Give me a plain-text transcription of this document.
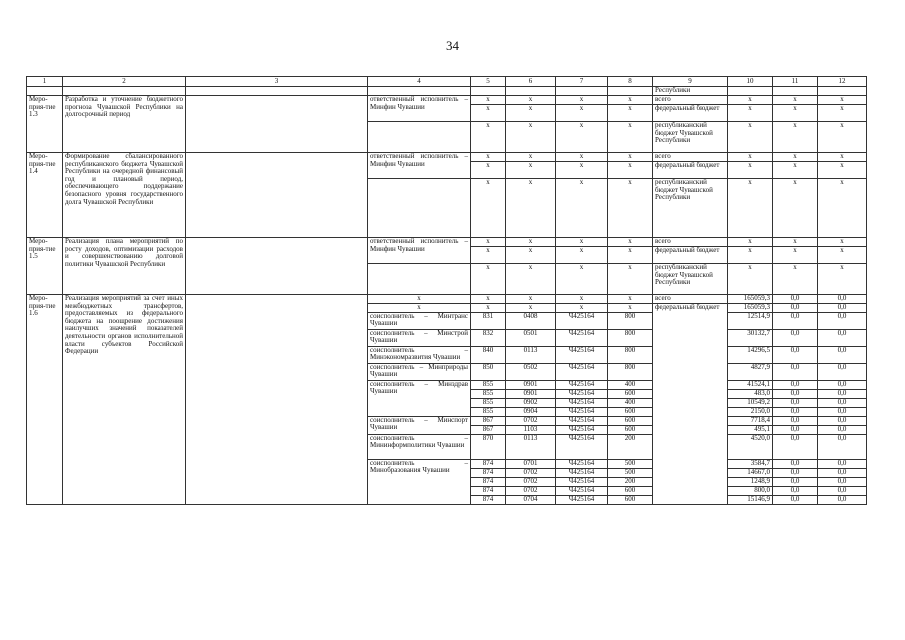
34
1	2	3	4	5	6	7	8	9	10	11	12
								Республики			
Меро-прия-тие 1.3	Разработка и уточнение бюджетного прогноза Чувашской Республики на долгосрочный период		ответственный исполнитель – Минфин Чувашии	x	x	x	x	всего	x	x	x
				x	x	x	x	федеральный бюджет	x	x	x
				x	x	x	x	республиканский бюджет Чувашской Республики	x	x	x
Меро-прия-тие 1.4	Формирование сбалансированного республиканского бюджета Чувашской Республики на очередной финансовый год и плановый период, обеспечивающего поддержание безопасного уровня государственного долга Чувашской Республики		ответственный исполнитель – Минфин Чувашии	x	x	x	x	всего	x	x	x
				x	x	x	x	федеральный бюджет	x	x	x
				x	x	x	x	республиканский бюджет Чувашской Республики	x	x	x
Меро-прия-тие 1.5	Реализация плана мероприятий по росту доходов, оптимизации расходов и совершенствованию долговой политики Чувашской Республики		ответственный исполнитель – Минфин Чувашии	x	x	x	x	всего	x	x	x
				x	x	x	x	федеральный бюджет	x	x	x
				x	x	x	x	республиканский бюджет Чувашской Республики	x	x	x
Меро-прия-тие 1.6	Реализация мероприятий за счет иных межбюджетных трансфертов, предоставляемых из федерального бюджета на поощрение достижения наилучших значений показателей деятельности органов исполнительной власти субъектов Российской Федерации		x	x	x	x	x	всего	165059,3	0,0	0,0
			x	x	x	x	x	федеральный бюджет	165059,3	0,0	0,0
			соисполнитель – Минтранс Чувашии	831	0408	Ч425164	800		12514,9	0,0	0,0
			соисполнитель – Минстрой Чувашии	832	0501	Ч425164	800		30132,7	0,0	0,0
			соисполнитель – Минэкономразвития Чувашии	840	0113	Ч425164	800		14296,5	0,0	0,0
			соисполнитель – Минприроды Чувашии	850	0502	Ч425164	800		4827,9	0,0	0,0
			соисполнитель – Минздрав Чувашии	855	0901	Ч425164	400		41524,1	0,0	0,0
				855	0901	Ч425164	600		483,0	0,0	0,0
				855	0902	Ч425164	400		10549,2	0,0	0,0
				855	0904	Ч425164	600		2150,0	0,0	0,0
			соисполнитель – Минспорт Чувашии	867	0702	Ч425164	600		7718,4	0,0	0,0
				867	1103	Ч425164	600		495,1	0,0	0,0
			соисполнитель – Мининформполитики Чувашии	870	0113	Ч425164	200		4520,0	0,0	0,0
			соисполнитель – Минобразования Чувашии	874	0701	Ч425164	500		3584,7	0,0	0,0
				874	0702	Ч425164	500		14667,0	0,0	0,0
				874	0702	Ч425164	200		1248,9	0,0	0,0
				874	0702	Ч425164	600		800,0	0,0	0,0
				874	0704	Ч425164	600		15146,9	0,0	0,0
